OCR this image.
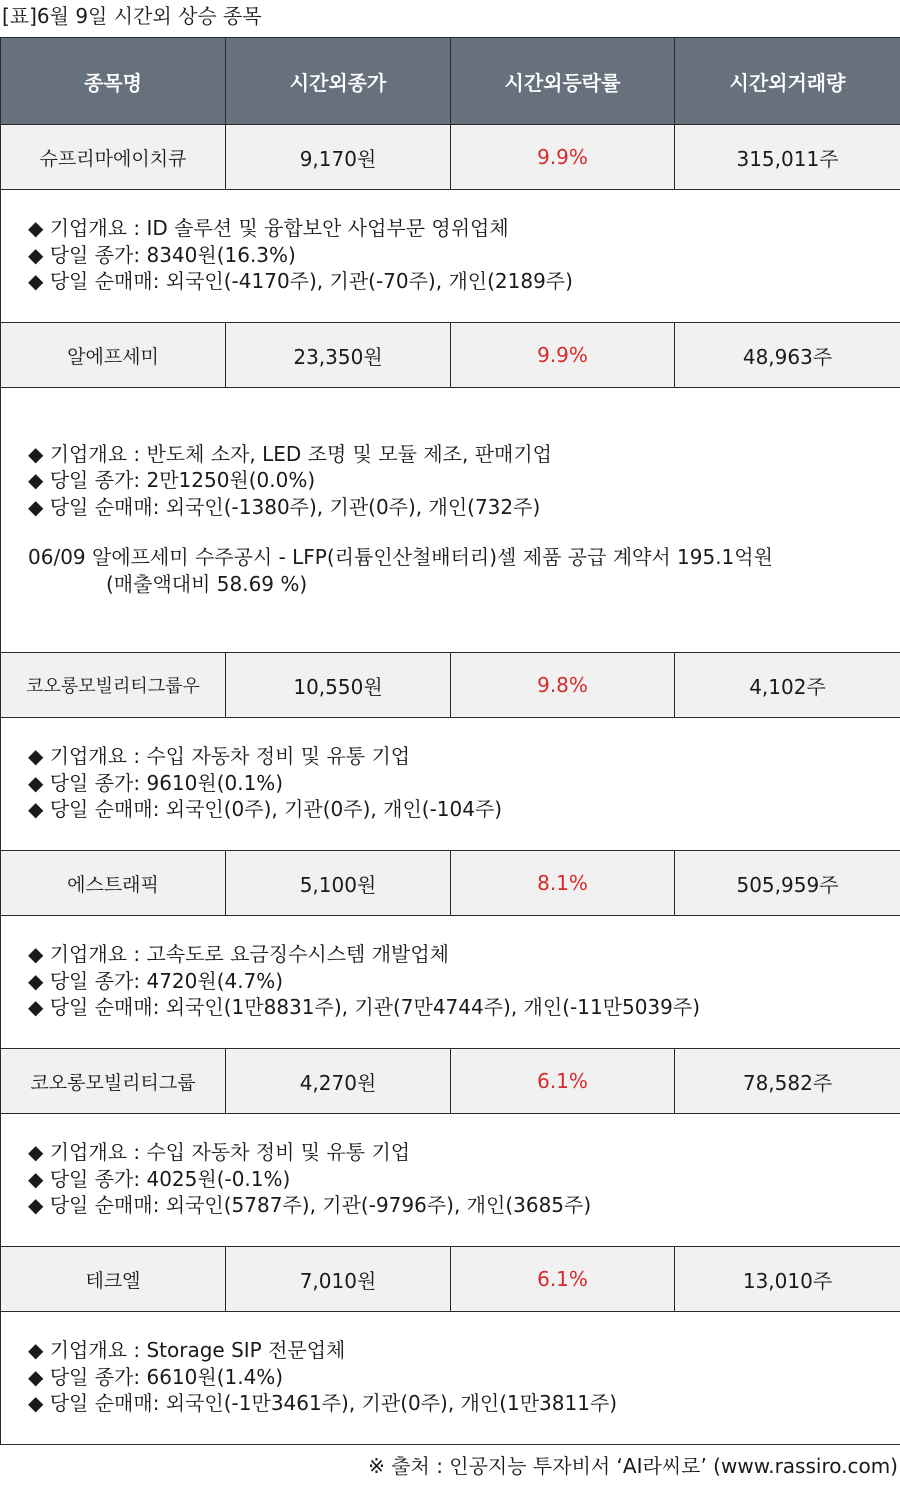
[표]6월 9일 시간외 상승 종목
종목명	시간외종가	시간외등락률	시간외거래량
슈프리마에이치큐	9,170원	9.9%	315,011주

◆ 기업개요 : ID 솔루션 및 융합보안 사업부문 영위업체
◆ 당일 종가: 8340원(16.3%)
◆ 당일 순매매: 외국인(-4170주), 기관(-70주), 개인(2189주)			

알에프세미	23,350원	9.9%	48,963주

◆ 기업개요 : 반도체 소자, LED 조명 및 모듈 제조, 판매기업
◆ 당일 종가: 2만1250원(0.0%)
◆ 당일 순매매: 외국인(-1380주), 기관(0주), 개인(732주)
06/09 알에프세미 수주공시 - LFP(리튬인산철배터리)셀 제품 공급 계약서 195.1억원
(매출액대비 58.69 %)			

코오롱모빌리티그룹우	10,550원	9.8%	4,102주

◆ 기업개요 : 수입 자동차 정비 및 유통 기업
◆ 당일 종가: 9610원(0.1%)
◆ 당일 순매매: 외국인(0주), 기관(0주), 개인(-104주)			

에스트래픽	5,100원	8.1%	505,959주

◆ 기업개요 : 고속도로 요금징수시스템 개발업체
◆ 당일 종가: 4720원(4.7%)
◆ 당일 순매매: 외국인(1만8831주), 기관(7만4744주), 개인(-11만5039주)			

코오롱모빌리티그룹	4,270원	6.1%	78,582주

◆ 기업개요 : 수입 자동차 정비 및 유통 기업
◆ 당일 종가: 4025원(-0.1%)
◆ 당일 순매매: 외국인(5787주), 기관(-9796주), 개인(3685주)			

테크엘	7,010원	6.1%	13,010주

◆ 기업개요 : Storage SIP 전문업체
◆ 당일 종가: 6610원(1.4%)
◆ 당일 순매매: 외국인(-1만3461주), 기관(0주), 개인(1만3811주)			
※ 출처 : 인공지능 투자비서 ‘AI라씨로’ (www.rassiro.com)
